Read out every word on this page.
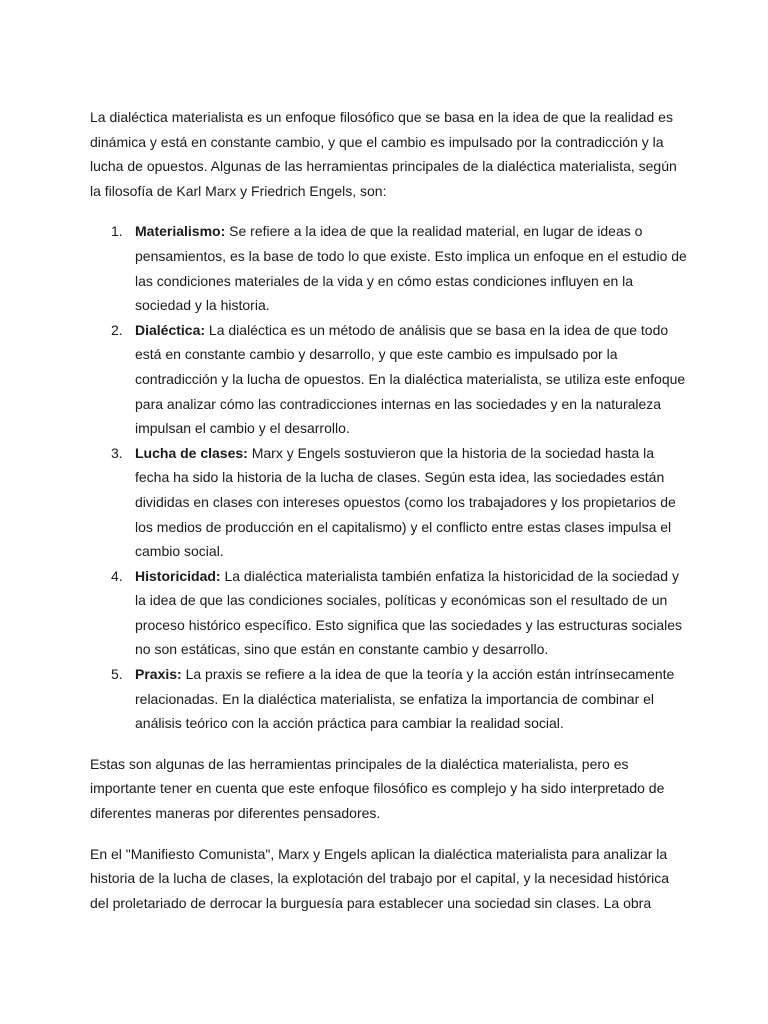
La dialéctica materialista es un enfoque filosófico que se basa en la idea de que la realidad es dinámica y está en constante cambio, y que el cambio es impulsado por la contradicción y la lucha de opuestos. Algunas de las herramientas principales de la dialéctica materialista, según la filosofía de Karl Marx y Friedrich Engels, son:

1. Materialismo: Se refiere a la idea de que la realidad material, en lugar de ideas o pensamientos, es la base de todo lo que existe. Esto implica un enfoque en el estudio de las condiciones materiales de la vida y en cómo estas condiciones influyen en la sociedad y la historia.
2. Dialéctica: La dialéctica es un método de análisis que se basa en la idea de que todo está en constante cambio y desarrollo, y que este cambio es impulsado por la contradicción y la lucha de opuestos. En la dialéctica materialista, se utiliza este enfoque para analizar cómo las contradicciones internas en las sociedades y en la naturaleza impulsan el cambio y el desarrollo.
3. Lucha de clases: Marx y Engels sostuvieron que la historia de la sociedad hasta la fecha ha sido la historia de la lucha de clases. Según esta idea, las sociedades están divididas en clases con intereses opuestos (como los trabajadores y los propietarios de los medios de producción en el capitalismo) y el conflicto entre estas clases impulsa el cambio social.
4. Historicidad: La dialéctica materialista también enfatiza la historicidad de la sociedad y la idea de que las condiciones sociales, políticas y económicas son el resultado de un proceso histórico específico. Esto significa que las sociedades y las estructuras sociales no son estáticas, sino que están en constante cambio y desarrollo.
5. Praxis: La praxis se refiere a la idea de que la teoría y la acción están intrínsecamente relacionadas. En la dialéctica materialista, se enfatiza la importancia de combinar el análisis teórico con la acción práctica para cambiar la realidad social.

Estas son algunas de las herramientas principales de la dialéctica materialista, pero es importante tener en cuenta que este enfoque filosófico es complejo y ha sido interpretado de diferentes maneras por diferentes pensadores.

En el "Manifiesto Comunista", Marx y Engels aplican la dialéctica materialista para analizar la historia de la lucha de clases, la explotación del trabajo por el capital, y la necesidad histórica del proletariado de derrocar la burguesía para establecer una sociedad sin clases. La obra
